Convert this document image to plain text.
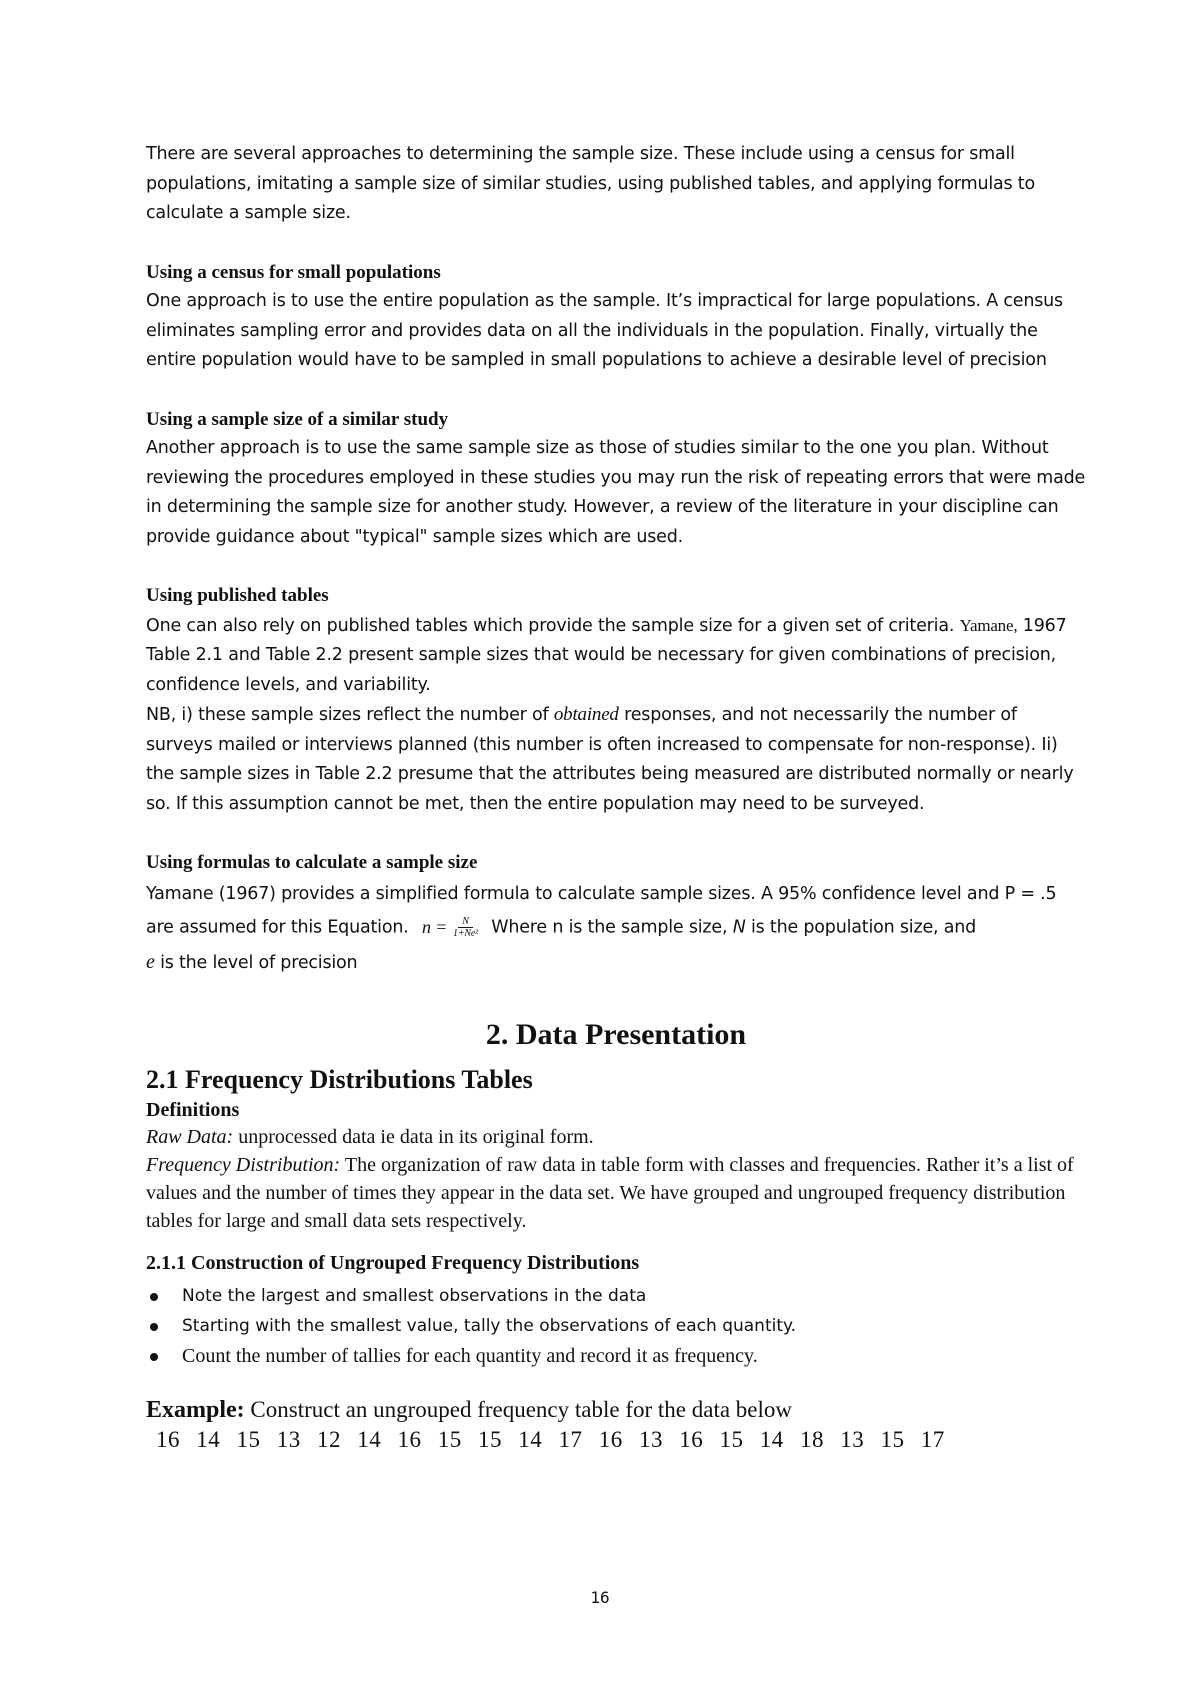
There are several approaches to determining the sample size. These include using a census for small populations, imitating a sample size of similar studies, using published tables, and applying formulas to calculate a sample size.

Using a census for small populations

One approach is to use the entire population as the sample. It’s impractical for large populations. A census eliminates sampling error and provides data on all the individuals in the population. Finally, virtually the entire population would have to be sampled in small populations to achieve a desirable level of precision

Using a sample size of a similar study

Another approach is to use the same sample size as those of studies similar to the one you plan. Without reviewing the procedures employed in these studies you may run the risk of repeating errors that were made in determining the sample size for another study. However, a review of the literature in your discipline can provide guidance about "typical" sample sizes which are used.

Using published tables

One can also rely on published tables which provide the sample size for a given set of criteria. Yamane, 1967 Table 2.1 and Table 2.2 present sample sizes that would be necessary for given combinations of precision, confidence levels, and variability.

NB, i) these sample sizes reflect the number of obtained responses, and not necessarily the number of surveys mailed or interviews planned (this number is often increased to compensate for non-response). Ii) the sample sizes in Table 2.2 presume that the attributes being measured are distributed normally or nearly so. If this assumption cannot be met, then the entire population may need to be surveyed.

Using formulas to calculate a sample size

Yamane (1967) provides a simplified formula to calculate sample sizes. A 95% confidence level and P = .5 are assumed for this Equation. $n = \frac{N}{\text{1+Ne²}}$ Where n is the sample size, N is the population size, and

e is the level of precision

2. Data Presentation

2.1 Frequency Distributions Tables

Definitions

Raw Data: unprocessed data ie data in its original form.

Frequency Distribution: The organization of raw data in table form with classes and frequencies. Rather it’s a list of values and the number of times they appear in the data set. We have grouped and ungrouped frequency distribution tables for large and small data sets respectively.

2.1.1 Construction of Ungrouped Frequency Distributions

Note the largest and smallest observations in the data
Starting with the smallest value, tally the observations of each quantity.
Count the number of tallies for each quantity and record it as frequency.

Example: Construct an ungrouped frequency table for the data below

16 14 15 13 12 14 16 15 15 14 17 16 13 16 15 14 18 13 15 17

16
